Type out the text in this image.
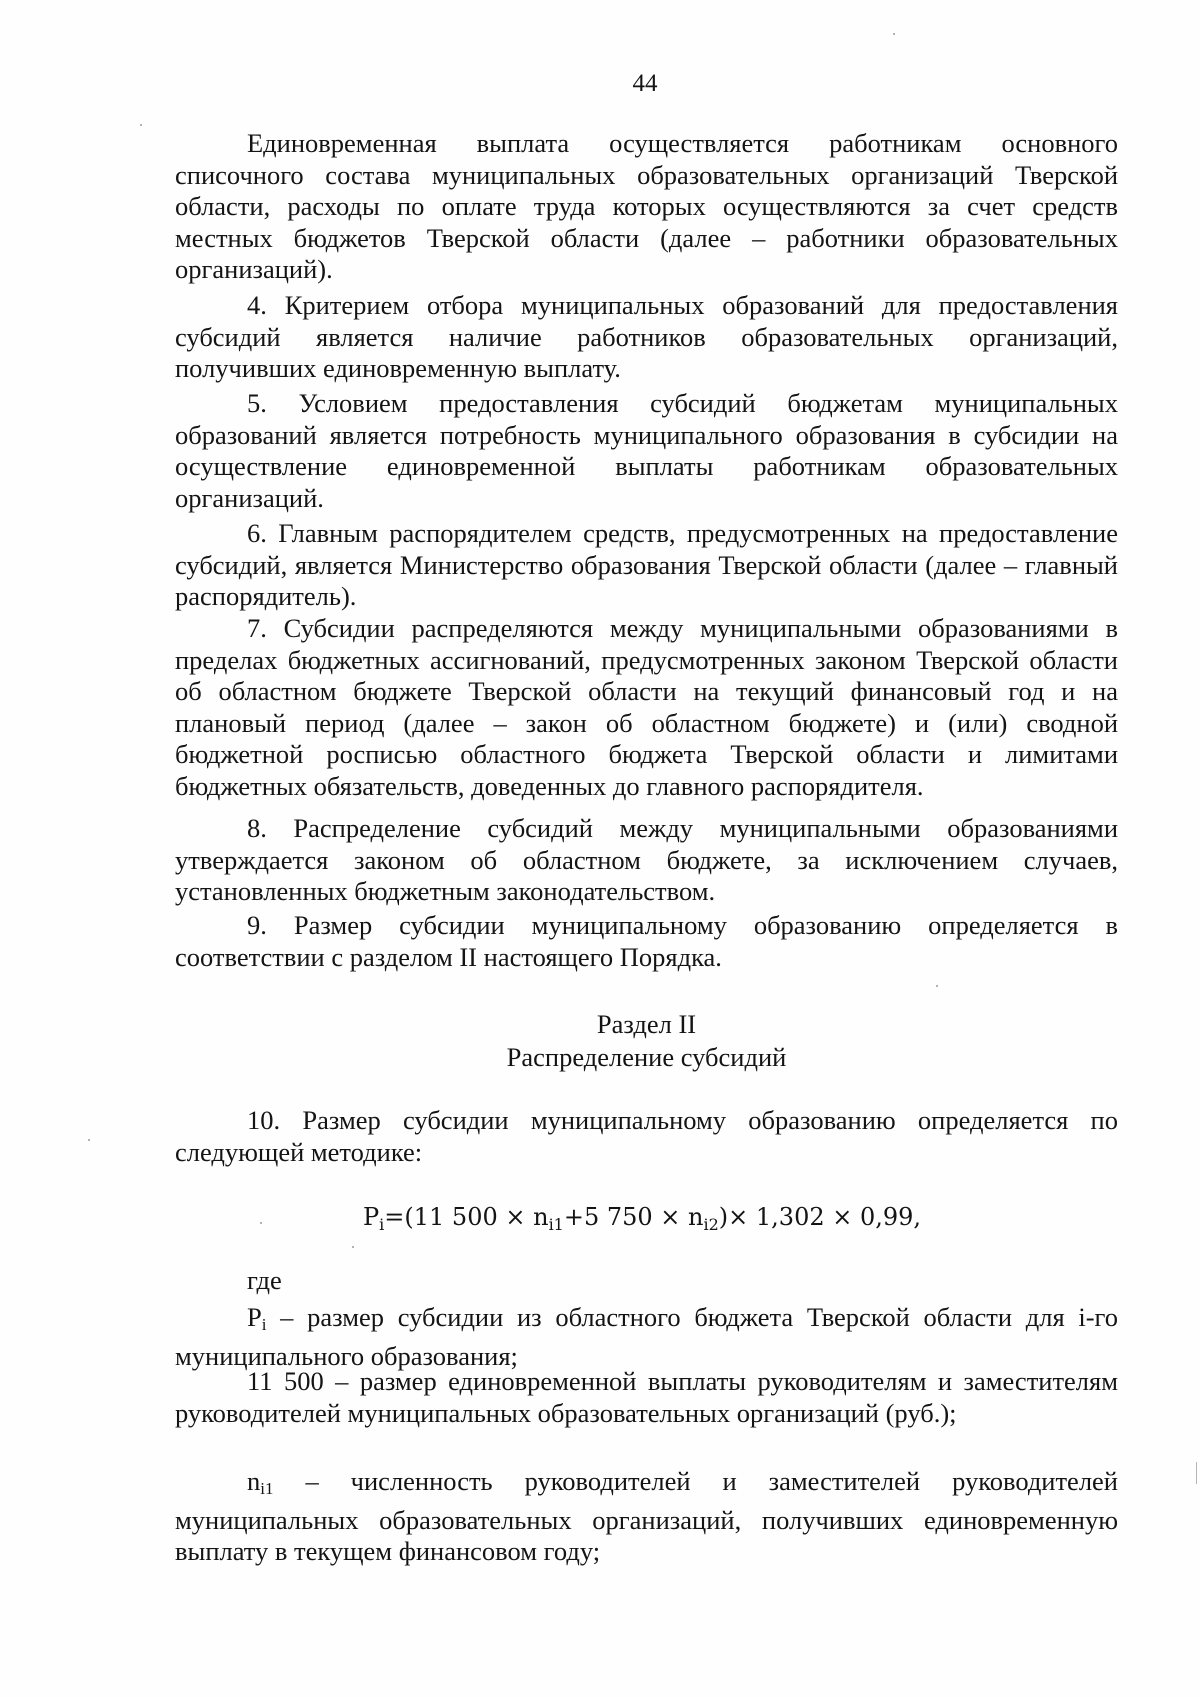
44
Единовременная выплата осуществляется работникам основного списочного состава муниципальных образовательных организаций Тверской области, расходы по оплате труда которых осуществляются за счет средств местных бюджетов Тверской области (далее – работники образовательных организаций).
4. Критерием отбора муниципальных образований для предоставления субсидий является наличие работников образовательных организаций, получивших единовременную выплату.
5. Условием предоставления субсидий бюджетам муниципальных образований является потребность муниципального образования в субсидии на осуществление единовременной выплаты работникам образовательных организаций.
6. Главным распорядителем средств, предусмотренных на предоставление субсидий, является Министерство образования Тверской области (далее – главный распорядитель).
7. Субсидии распределяются между муниципальными образованиями в пределах бюджетных ассигнований, предусмотренных законом Тверской области об областном бюджете Тверской области на текущий финансовый год и на плановый период (далее – закон об областном бюджете) и (или) сводной бюджетной росписью областного бюджета Тверской области и лимитами бюджетных обязательств, доведенных до главного распорядителя.
8. Распределение субсидий между муниципальными образованиями утверждается законом об областном бюджете, за исключением случаев, установленных бюджетным законодательством.
9. Размер субсидии муниципальному образованию определяется в соответствии с разделом II настоящего Порядка.
Раздел II
Распределение субсидий
10. Размер субсидии муниципальному образованию определяется по следующей методике:
$P_i=(11$ $500 \times n_{i1}+5$ $750 \times n_{i2})\times 1,302 \times 0,99$,
где
$P_i$ – размер субсидии из областного бюджета Тверской области для i-го муниципального образования;
11 500 – размер единовременной выплаты руководителям и заместителям руководителей муниципальных образовательных организаций (руб.);
$n_{i1}$ – численность руководителей и заместителей руководителей муниципальных образовательных организаций, получивших единовременную выплату в текущем финансовом году;
